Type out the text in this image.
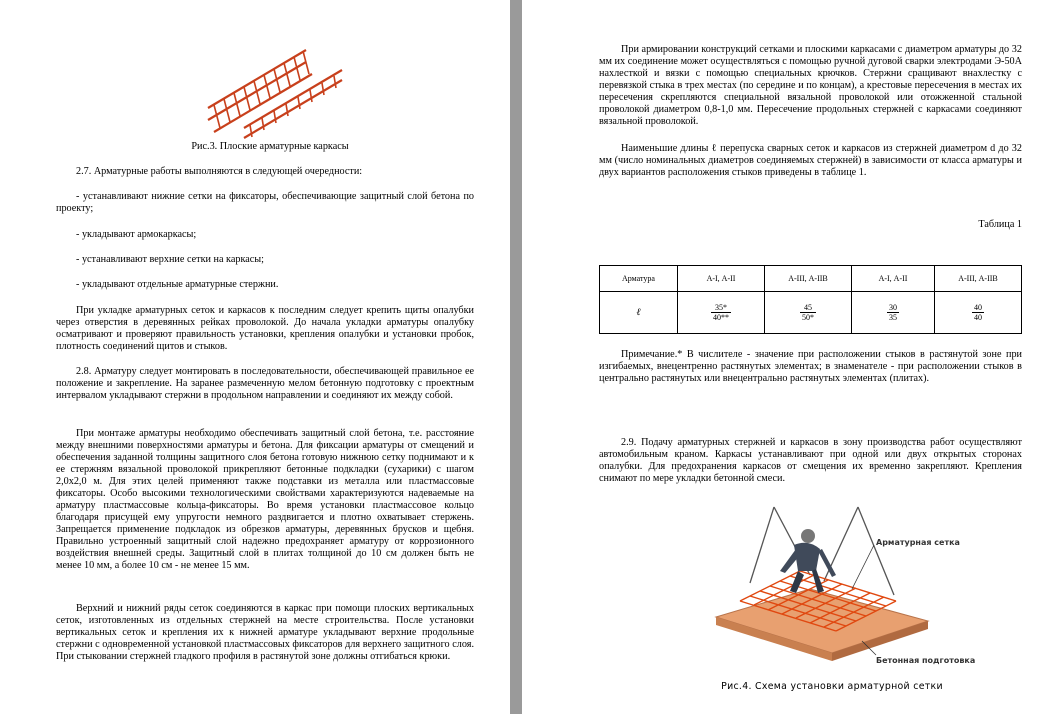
Рис.3. Плоские арматурные каркасы

2.7. Арматурные работы выполняются в следующей очередности:

- устанавливают нижние сетки на фиксаторы, обеспечивающие защитный слой бетона по проекту;

- укладывают армокаркасы;

- устанавливают верхние сетки на каркасы;

- укладывают отдельные арматурные стержни.

При укладке арматурных сеток и каркасов к последним следует крепить щиты опалубки через отверстия в деревянных рейках проволокой. До начала укладки арматуры опалубку осматривают и проверяют правильность установки, крепления опалубки и установки пробок, плотность соединений щитов и стыков.

2.8. Арматуру следует монтировать в последовательности, обеспечивающей правильное ее положение и закрепление. На заранее размеченную мелом бетонную подготовку с проектным интервалом укладывают стержни в продольном направлении и соединяют их между собой.

При монтаже арматуры необходимо обеспечивать защитный слой бетона, т.е. расстояние между внешними поверхностями арматуры и бетона. Для фиксации арматуры от смещений и обеспечения заданной толщины защитного слоя бетона готовую нижнюю сетку поднимают и к ее стержням вязальной проволокой прикрепляют бетонные подкладки (сухарики) с шагом 2,0х2,0 м. Для этих целей применяют также подставки из металла или пластмассовые фиксаторы. Особо высокими технологическими свойствами характеризуются надеваемые на арматуру пластмассовые кольца-фиксаторы. Во время установки пластмассовое кольцо благодаря присущей ему упругости немного раздвигается и плотно охватывает стержень. Запрещается применение подкладок из обрезков арматуры, деревянных брусков и щебня. Правильно устроенный защитный слой надежно предохраняет арматуру от коррозионного воздействия внешней среды. Защитный слой в плитах толщиной до 10 см должен быть не менее 10 мм, а более 10 см - не менее 15 мм.

Верхний и нижний ряды сеток соединяются в каркас при помощи плоских вертикальных сеток, изготовленных из отдельных стержней на месте строительства. После установки вертикальных сеток и крепления их к нижней арматуре укладывают верхние продольные стержни с одновременной установкой пластмассовых фиксаторов для верхнего защитного слоя. При стыковании стержней гладкого профиля в растянутой зоне должны отгибаться крюки.

При армировании конструкций сетками и плоскими каркасами с диаметром арматуры до 32 мм их соединение может осуществляться с помощью ручной дуговой сварки электродами Э-50А нахлесткой и вязки с помощью специальных крючков. Стержни сращивают внахлестку с перевязкой стыка в трех местах (по середине и по концам), а крестовые пересечения в местах их пересечения скрепляются специальной вязальной проволокой или отожженной стальной проволокой диаметром 0,8-1,0 мм. Пересечение продольных стержней с каркасами соединяют вязальной проволокой.

Наименьшие длины ℓ перепуска сварных сеток и каркасов из стержней диаметром d до 32 мм (число номинальных диаметров соединяемых стержней) в зависимости от класса арматуры и двух вариантов расположения стыков приведены в таблице 1.

Таблица 1

Арматура	А-I, А-II	А-III, А-IIВ	А-I, А-II	А-III, А-IIВ
ℓ	$\frac{35*}{40**}$	$\frac{45}{50*}$	$\frac{30}{35}$	$\frac{40}{40}$

Примечание.* В числителе - значение при расположении стыков в растянутой зоне при изгибаемых, внецентренно растянутых элементах; в знаменателе - при расположении стыков в центрально растянутых или внецентрально растянутых элементах (плитах).

2.9. Подачу арматурных стержней и каркасов в зону производства работ осуществляют автомобильным краном. Каркасы устанавливают при одной или двух открытых сторонах опалубки. Для предохранения каркасов от смещения их временно закрепляют. Крепления снимают по мере укладки бетонной смеси.

Арматурная сетка
Бетонная подготовка

Рис.4. Схема установки арматурной сетки
